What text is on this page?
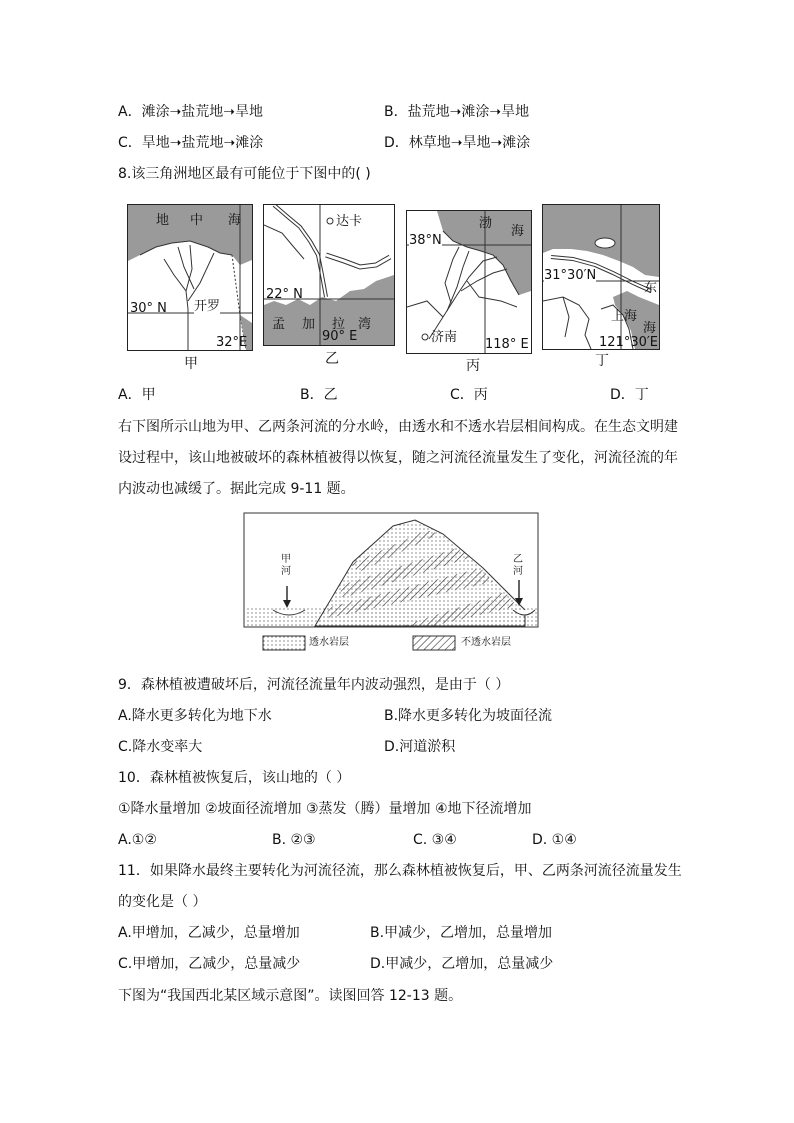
A．滩涂➝盐荒地➝旱地	B．盐荒地➝滩涂➝旱地
C．旱地➝盐荒地➝滩涂	D．林草地➝旱地➝滩涂
8.该三角洲地区最有可能位于下图中的( )
地 中 海
30° N 开罗
32°E
甲
达卡
22° N
孟 加 拉 湾
90° E
乙
38°N
渤
海
济南 118° E
丙
31°30′N
东
上海
海
121°30′E
丁
A．甲	B．乙	C．丙	D．丁
右下图所示山地为甲、乙两条河流的分水岭，由透水和不透水岩层相间构成。在生态文明建
设过程中，该山地被破坏的森林植被得以恢复，随之河流径流量发生了变化，河流径流的年
内波动也减缓了。据此完成 9-11 题。
甲河
乙河
透水岩层	不透水岩层
9．森林植被遭破坏后，河流径流量年内波动强烈，是由于（ ）
A.降水更多转化为地下水	B.降水更多转化为坡面径流
C.降水变率大	D.河道淤积
10．森林植被恢复后，该山地的（ ）
①降水量增加 ②坡面径流增加 ③蒸发（腾）量增加 ④地下径流增加
A.①②	B. ②③	C. ③④	D. ①④
11．如果降水最终主要转化为河流径流，那么森林植被恢复后，甲、乙两条河流径流量发生
的变化是（ ）
A.甲增加，乙减少，总量增加	B.甲减少，乙增加，总量增加
C.甲增加，乙减少，总量减少	D.甲减少，乙增加，总量减少
下图为“我国西北某区域示意图”。读图回答 12-13 题。
